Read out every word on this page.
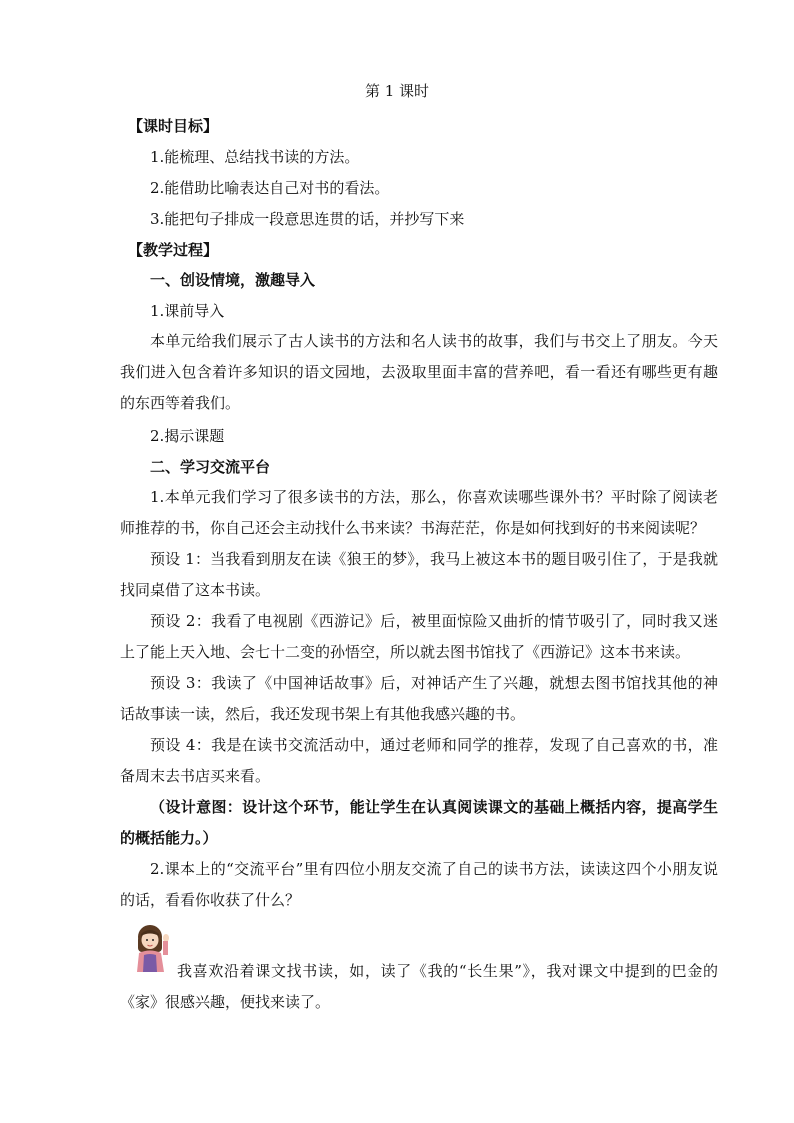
第 1 课时
【课时目标】
1.能梳理、总结找书读的方法。
2.能借助比喻表达自己对书的看法。
3.能把句子排成一段意思连贯的话，并抄写下来
【教学过程】
一、创设情境，激趣导入
1.课前导入
本单元给我们展示了古人读书的方法和名人读书的故事，我们与书交上了朋友。今天我们进入包含着许多知识的语文园地，去汲取里面丰富的营养吧，看一看还有哪些更有趣的东西等着我们。
2.揭示课题
二、学习交流平台
1.本单元我们学习了很多读书的方法，那么，你喜欢读哪些课外书？平时除了阅读老师推荐的书，你自己还会主动找什么书来读？书海茫茫，你是如何找到好的书来阅读呢？
预设 1：当我看到朋友在读《狼王的梦》，我马上被这本书的题目吸引住了，于是我就找同桌借了这本书读。
预设 2：我看了电视剧《西游记》后，被里面惊险又曲折的情节吸引了，同时我又迷上了能上天入地、会七十二变的孙悟空，所以就去图书馆找了《西游记》这本书来读。
预设 3：我读了《中国神话故事》后，对神话产生了兴趣，就想去图书馆找其他的神话故事读一读，然后，我还发现书架上有其他我感兴趣的书。
预设 4：我是在读书交流活动中，通过老师和同学的推荐，发现了自己喜欢的书，准备周末去书店买来看。
（设计意图：设计这个环节，能让学生在认真阅读课文的基础上概括内容，提高学生的概括能力。）
2.课本上的“交流平台”里有四位小朋友交流了自己的读书方法，读读这四个小朋友说的话，看看你收获了什么？
我喜欢沿着课文找书读，如，读了《我的“长生果”》，我对课文中提到的巴金的《家》很感兴趣，便找来读了。
